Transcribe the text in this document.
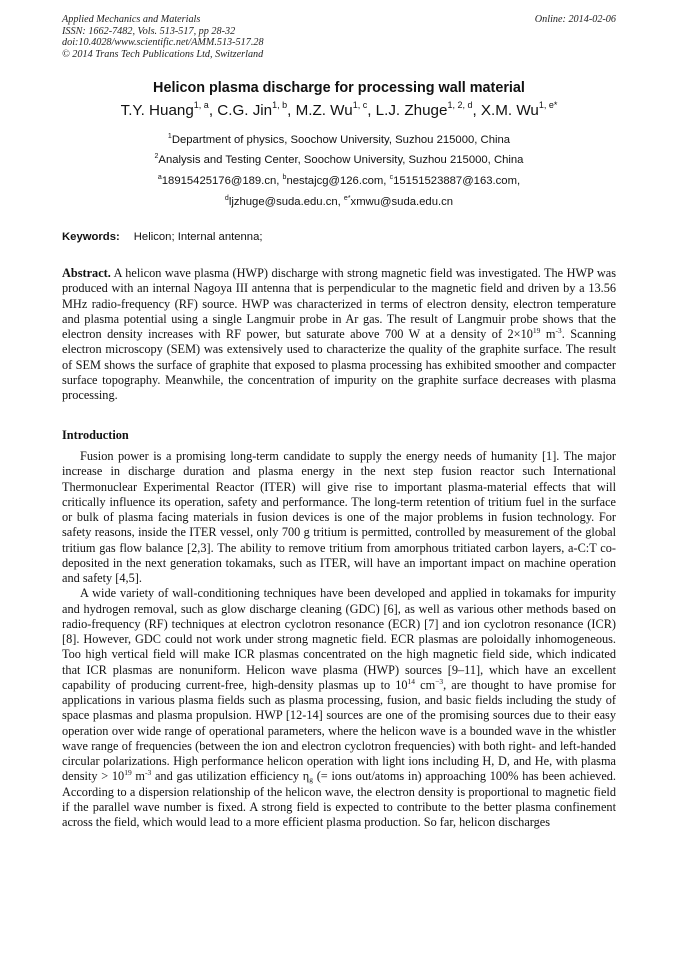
Applied Mechanics and Materials
ISSN: 1662-7482, Vols. 513-517, pp 28-32
doi:10.4028/www.scientific.net/AMM.513-517.28
© 2014 Trans Tech Publications Ltd, Switzerland
Online: 2014-02-06
Helicon plasma discharge for processing wall material
T.Y. Huang$^{1, a}$, C.G. Jin$^{1, b}$, M.Z. Wu$^{1, c}$, L.J. Zhuge$^{1, 2, d}$, X.M. $Wu^{1, e*}$
$^1$Department of physics, Soochow University, Suzhou 215000, China
$^2$Analysis and Testing Center, Soochow University, Suzhou 215000, China
$^a$18915425176@189.cn, $^b$nestajcg@126.com, $^c$15151523887@163.com,
$^d$ljzhuge@suda.edu.cn, $^{e*}$xmwu@suda.edu.cn
Keywords: Helicon; Internal antenna;
Abstract. A helicon wave plasma (HWP) discharge with strong magnetic field was investigated. The HWP was produced with an internal Nagoya III antenna that is perpendicular to the magnetic field and driven by a 13.56 MHz radio-frequency (RF) source. HWP was characterized in terms of electron density, electron temperature and plasma potential using a single Langmuir probe in Ar gas. The result of Langmuir probe shows that the electron density increases with RF power, but saturate above 700 W at a density of $2\times 10^{19}$ $m^{-3}$. Scanning electron microscopy (SEM) was extensively used to characterize the quality of the graphite surface. The result of SEM shows the surface of graphite that exposed to plasma processing has exhibited smoother and compacter surface topography. Meanwhile, the concentration of impurity on the graphite surface decreases with plasma processing.
Introduction

Fusion power is a promising long-term candidate to supply the energy needs of humanity [1]. The major increase in discharge duration and plasma energy in the next step fusion reactor such International Thermonuclear Experimental Reactor (ITER) will give rise to important plasma-material effects that will critically influence its operation, safety and performance. The long-term retention of tritium fuel in the surface or bulk of plasma facing materials in fusion devices is one of the major problems in fusion technology. For safety reasons, inside the ITER vessel, only 700 g tritium is permitted, controlled by measurement of the global tritium gas flow balance [2,3]. The ability to remove tritium from amorphous tritiated carbon layers, a-C:T co-deposited in the next generation tokamaks, such as ITER, will have an important impact on machine operation and safety [4,5].

A wide variety of wall-conditioning techniques have been developed and applied in tokamaks for impurity and hydrogen removal, such as glow discharge cleaning (GDC) [6], as well as various other methods based on radio-frequency (RF) techniques at electron cyclotron resonance (ECR) [7] and ion cyclotron resonance (ICR) [8]. However, GDC could not work under strong magnetic field. ECR plasmas are poloidally inhomogeneous. Too high vertical field will make ICR plasmas concentrated on the high magnetic field side, which indicated that ICR plasmas are nonuniform. Helicon wave plasma (HWP) sources [9–11], which have an excellent capability of producing current-free, high-density plasmas up to $10^{14}$ $cm^{-3}$, are thought to have promise for applications in various plasma fields such as plasma processing, fusion, and basic fields including the study of space plasmas and plasma propulsion. HWP [12-14] sources are one of the promising sources due to their easy operation over wide range of operational parameters, where the helicon wave is a bounded wave in the whistler wave range of frequencies (between the ion and electron cyclotron frequencies) with both right- and left-handed circular polarizations. High performance helicon operation with light ions including H, D, and He, with plasma density > $10^{19}$ $m^{-3}$ and gas utilization efficiency $\eta_g$ (= ions out/atoms in) approaching 100% has been achieved. According to a dispersion relationship of the helicon wave, the electron density is proportional to magnetic field if the parallel wave number is fixed. A strong field is expected to contribute to the better plasma confinement across the field, which would lead to a more efficient plasma production. So far, helicon discharges
